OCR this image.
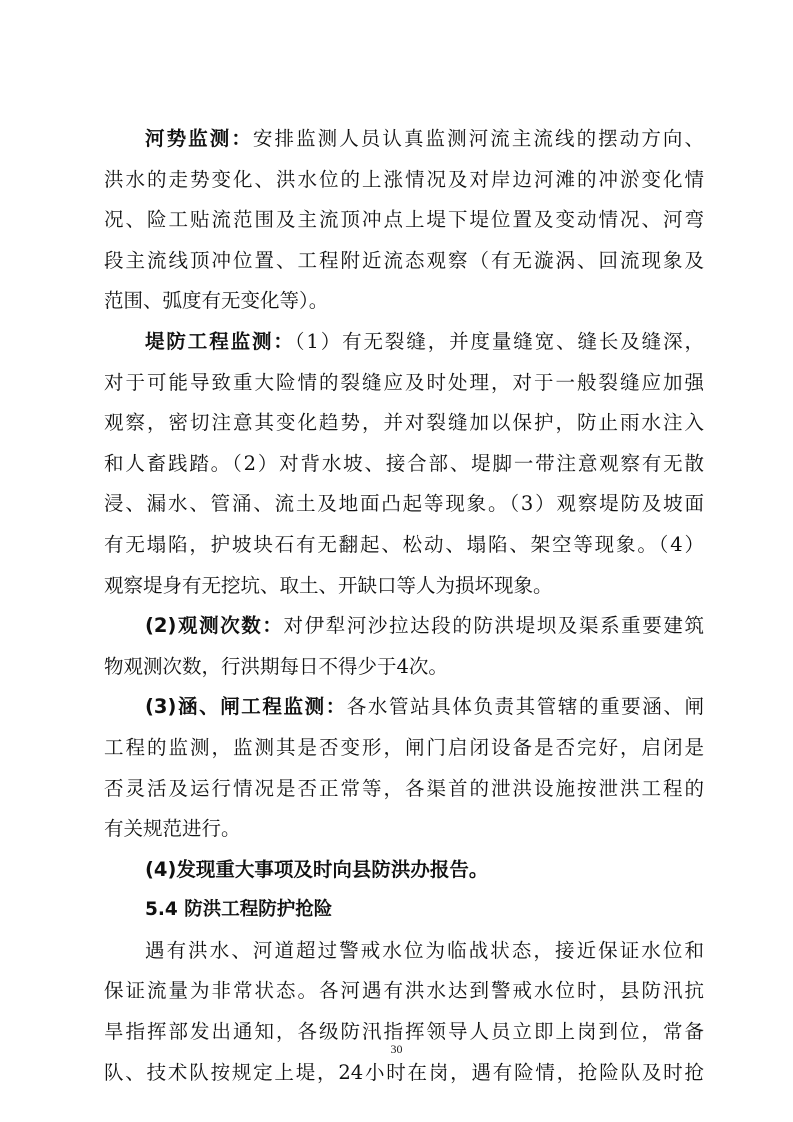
河势监测：安排监测人员认真监测河流主流线的摆动方向、
洪水的走势变化、洪水位的上涨情况及对岸边河滩的冲淤变化情
况、险工贴流范围及主流顶冲点上堤下堤位置及变动情况、河弯
段主流线顶冲位置、工程附近流态观察（有无漩涡、回流现象及
范围、弧度有无变化等）。
堤防工程监测：（1）有无裂缝，并度量缝宽、缝长及缝深，
对于可能导致重大险情的裂缝应及时处理，对于一般裂缝应加强
观察，密切注意其变化趋势，并对裂缝加以保护，防止雨水注入
和人畜践踏。（2）对背水坡、接合部、堤脚一带注意观察有无散
浸、漏水、管涌、流土及地面凸起等现象。（3）观察堤防及坡面
有无塌陷，护坡块石有无翻起、松动、塌陷、架空等现象。（4）
观察堤身有无挖坑、取土、开缺口等人为损坏现象。
(2)观测次数：对伊犁河沙拉达段的防洪堤坝及渠系重要建筑
物观测次数，行洪期每日不得少于4次。
(3)涵、闸工程监测：各水管站具体负责其管辖的重要涵、闸
工程的监测，监测其是否变形，闸门启闭设备是否完好，启闭是
否灵活及运行情况是否正常等，各渠首的泄洪设施按泄洪工程的
有关规范进行。
(4)发现重大事项及时向县防洪办报告。
5.4 防洪工程防护抢险
遇有洪水、河道超过警戒水位为临战状态，接近保证水位和
保证流量为非常状态。各河遇有洪水达到警戒水位时，县防汛抗
旱指挥部发出通知，各级防汛指挥领导人员立即上岗到位，常备
队、技术队按规定上堤，24小时在岗，遇有险情，抢险队及时抢
30
